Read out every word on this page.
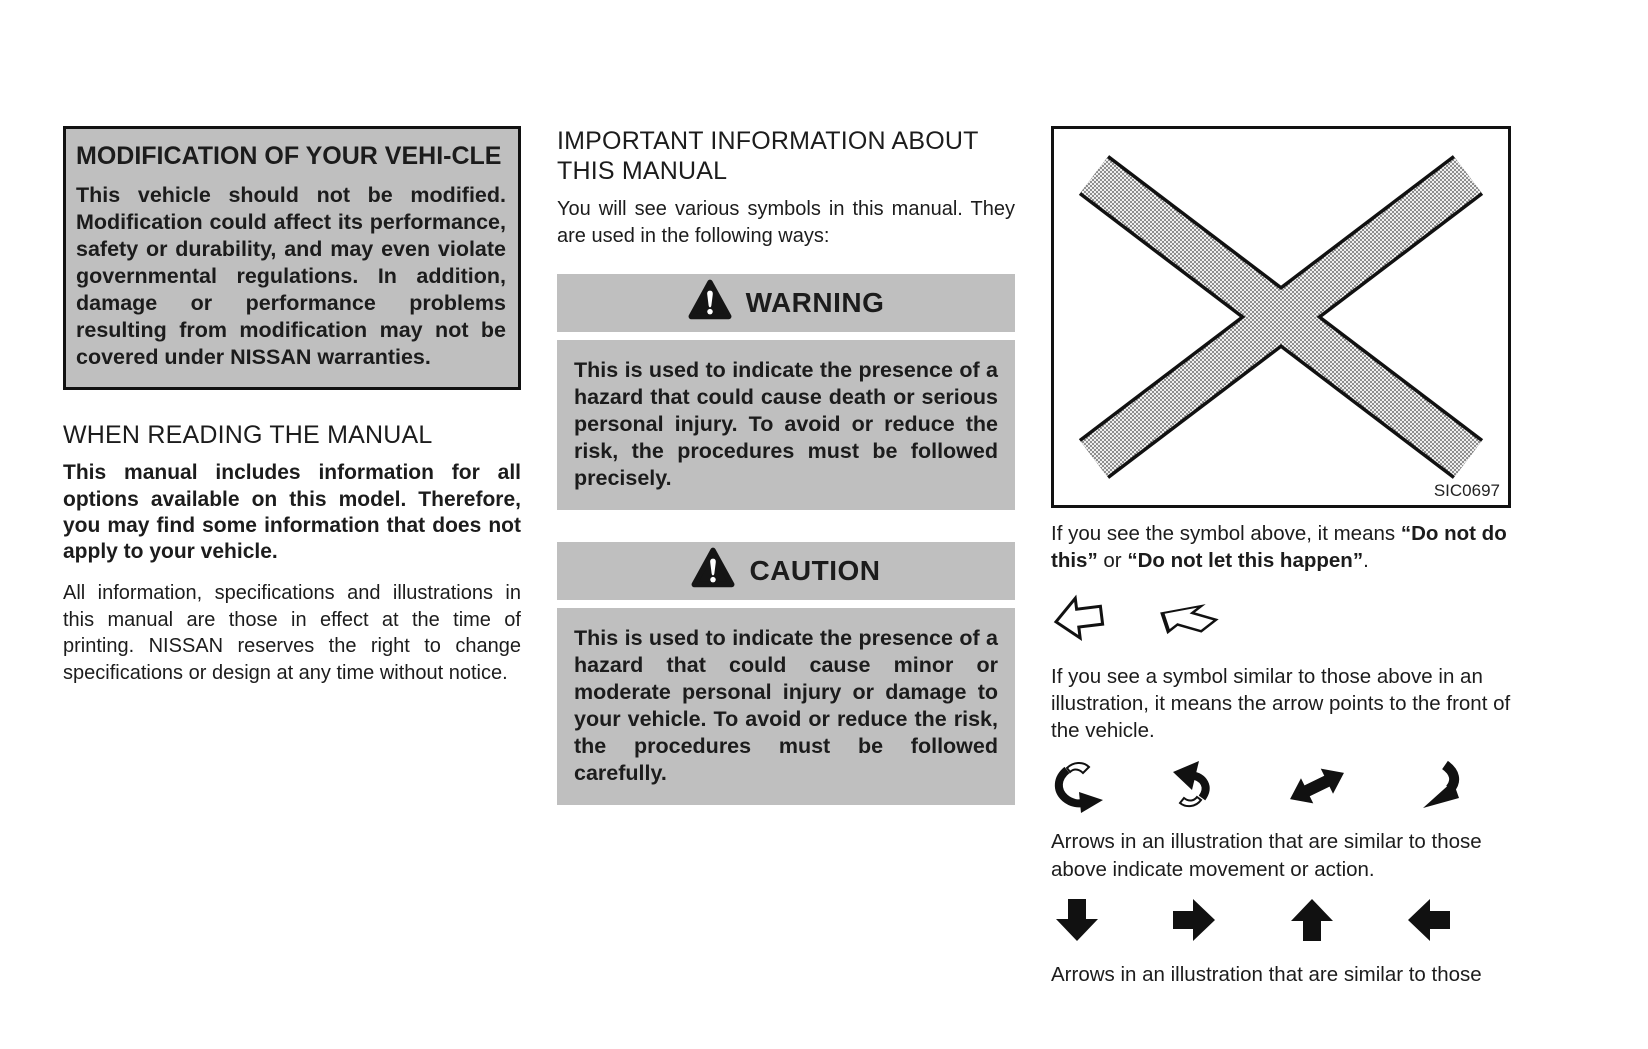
MODIFICATION OF YOUR VEHI-CLE

This vehicle should not be modified. Modification could affect its performance, safety or durability, and may even violate governmental regulations. In addition, damage or performance problems resulting from modification may not be covered under NISSAN warranties.

WHEN READING THE MANUAL

This manual includes information for all options available on this model. Therefore, you may find some information that does not apply to your vehicle.

All information, specifications and illustrations in this manual are those in effect at the time of printing. NISSAN reserves the right to change specifications or design at any time without notice.

IMPORTANT INFORMATION ABOUT THIS MANUAL

You will see various symbols in this manual. They are used in the following ways:

WARNING
This is used to indicate the presence of a hazard that could cause death or serious personal injury. To avoid or reduce the risk, the procedures must be followed precisely.
CAUTION
This is used to indicate the presence of a hazard that could cause minor or moderate personal injury or damage to your vehicle. To avoid or reduce the risk, the procedures must be followed carefully.
SIC0697

If you see the symbol above, it means “Do not do this” or “Do not let this happen”.

If you see a symbol similar to those above in an illustration, it means the arrow points to the front of the vehicle.

Arrows in an illustration that are similar to those above indicate movement or action.

Arrows in an illustration that are similar to those
